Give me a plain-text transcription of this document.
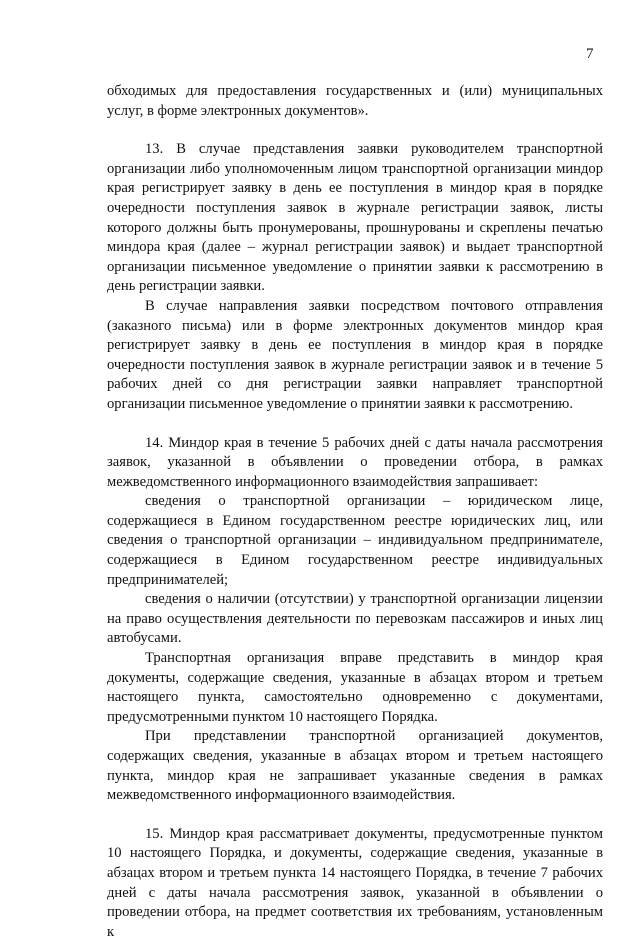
7

обходимых для предоставления государственных и (или) муниципальных услуг, в форме электронных документов».

13. В случае представления заявки руководителем транспортной организации либо уполномоченным лицом транспортной организации миндор края регистрирует заявку в день ее поступления в миндор края в порядке очередности поступления заявок в журнале регистрации заявок, листы которого должны быть пронумерованы, прошнурованы и скреплены печатью миндора края (далее – журнал регистрации заявок) и выдает транспортной организации письменное уведомление о принятии заявки к рассмотрению в день регистрации заявки.

В случае направления заявки посредством почтового отправления (заказного письма) или в форме электронных документов миндор края регистрирует заявку в день ее поступления в миндор края в порядке очередности поступления заявок в журнале регистрации заявок и в течение 5 рабочих дней со дня регистрации заявки направляет транспортной организации письменное уведомление о принятии заявки к рассмотрению.

14. Миндор края в течение 5 рабочих дней с даты начала рассмотрения заявок, указанной в объявлении о проведении отбора, в рамках межведомственного информационного взаимодействия запрашивает:

сведения о транспортной организации – юридическом лице, содержащиеся в Едином государственном реестре юридических лиц, или сведения о транспортной организации – индивидуальном предпринимателе, содержащиеся в Едином государственном реестре индивидуальных предпринимателей;

сведения о наличии (отсутствии) у транспортной организации лицензии на право осуществления деятельности по перевозкам пассажиров и иных лиц автобусами.

Транспортная организация вправе представить в миндор края документы, содержащие сведения, указанные в абзацах втором и третьем настоящего пункта, самостоятельно одновременно с документами, предусмотренными пунктом 10 настоящего Порядка.

При представлении транспортной организацией документов, содержащих сведения, указанные в абзацах втором и третьем настоящего пункта, миндор края не запрашивает указанные сведения в рамках межведомственного информационного взаимодействия.

15. Миндор края рассматривает документы, предусмотренные пунктом 10 настоящего Порядка, и документы, содержащие сведения, указанные в абзацах втором и третьем пункта 14 настоящего Порядка, в течение 7 рабочих дней с даты начала рассмотрения заявок, указанной в объявлении о проведении отбора, на предмет соответствия их требованиям, установленным к
